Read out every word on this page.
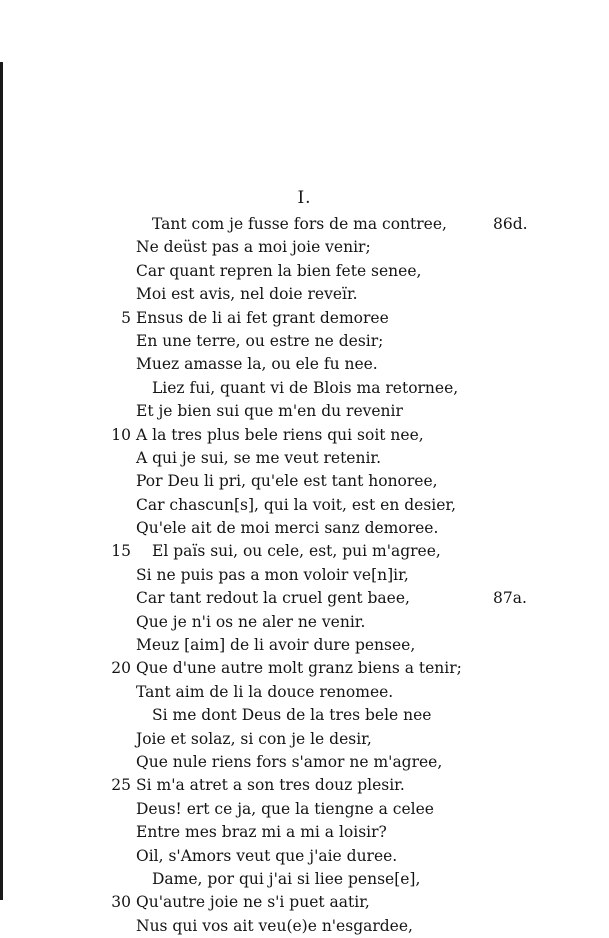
I.
Tant com je fusse fors de ma contree,	86d.
Ne deüst pas a moi joie venir;
Car quant repren la bien fete senee,
Moi est avis, nel doie reveïr.
5 Ensus de li ai fet grant demoree
En une terre, ou estre ne desir;
Muez amasse la, ou ele fu nee.
Liez fui, quant vi de Blois ma retornee,
Et je bien sui que m'en du revenir
10 A la tres plus bele riens qui soit nee,
A qui je sui, se me veut retenir.
Por Deu li pri, qu'ele est tant honoree,
Car chascun[s], qui la voit, est en desier,
Qu'ele ait de moi merci sanz demoree.
15 El païs sui, ou cele, est, pui m'agree,
Si ne puis pas a mon voloir ve[n]ir,
Car tant redout la cruel gent baee,	87a.
Que je n'i os ne aler ne venir.
Meuz [aim] de li avoir dure pensee,
20 Que d'une autre molt granz biens a tenir;
Tant aim de li la douce renomee.
Si me dont Deus de la tres bele nee
Joie et solaz, si con je le desir,
Que nule riens fors s'amor ne m'agree,
25 Si m'a atret a son tres douz plesir.
Deus! ert ce ja, que la tiengne a celee
Entre mes braz mi a mi a loisir?
Oil, s'Amors veut que j'aie duree.
Dame, por qui j'ai si liee pense[e],
30 Qu'autre joie ne s'i puet aatir,
Nus qui vos ait veu(e)e n'esgardee,
